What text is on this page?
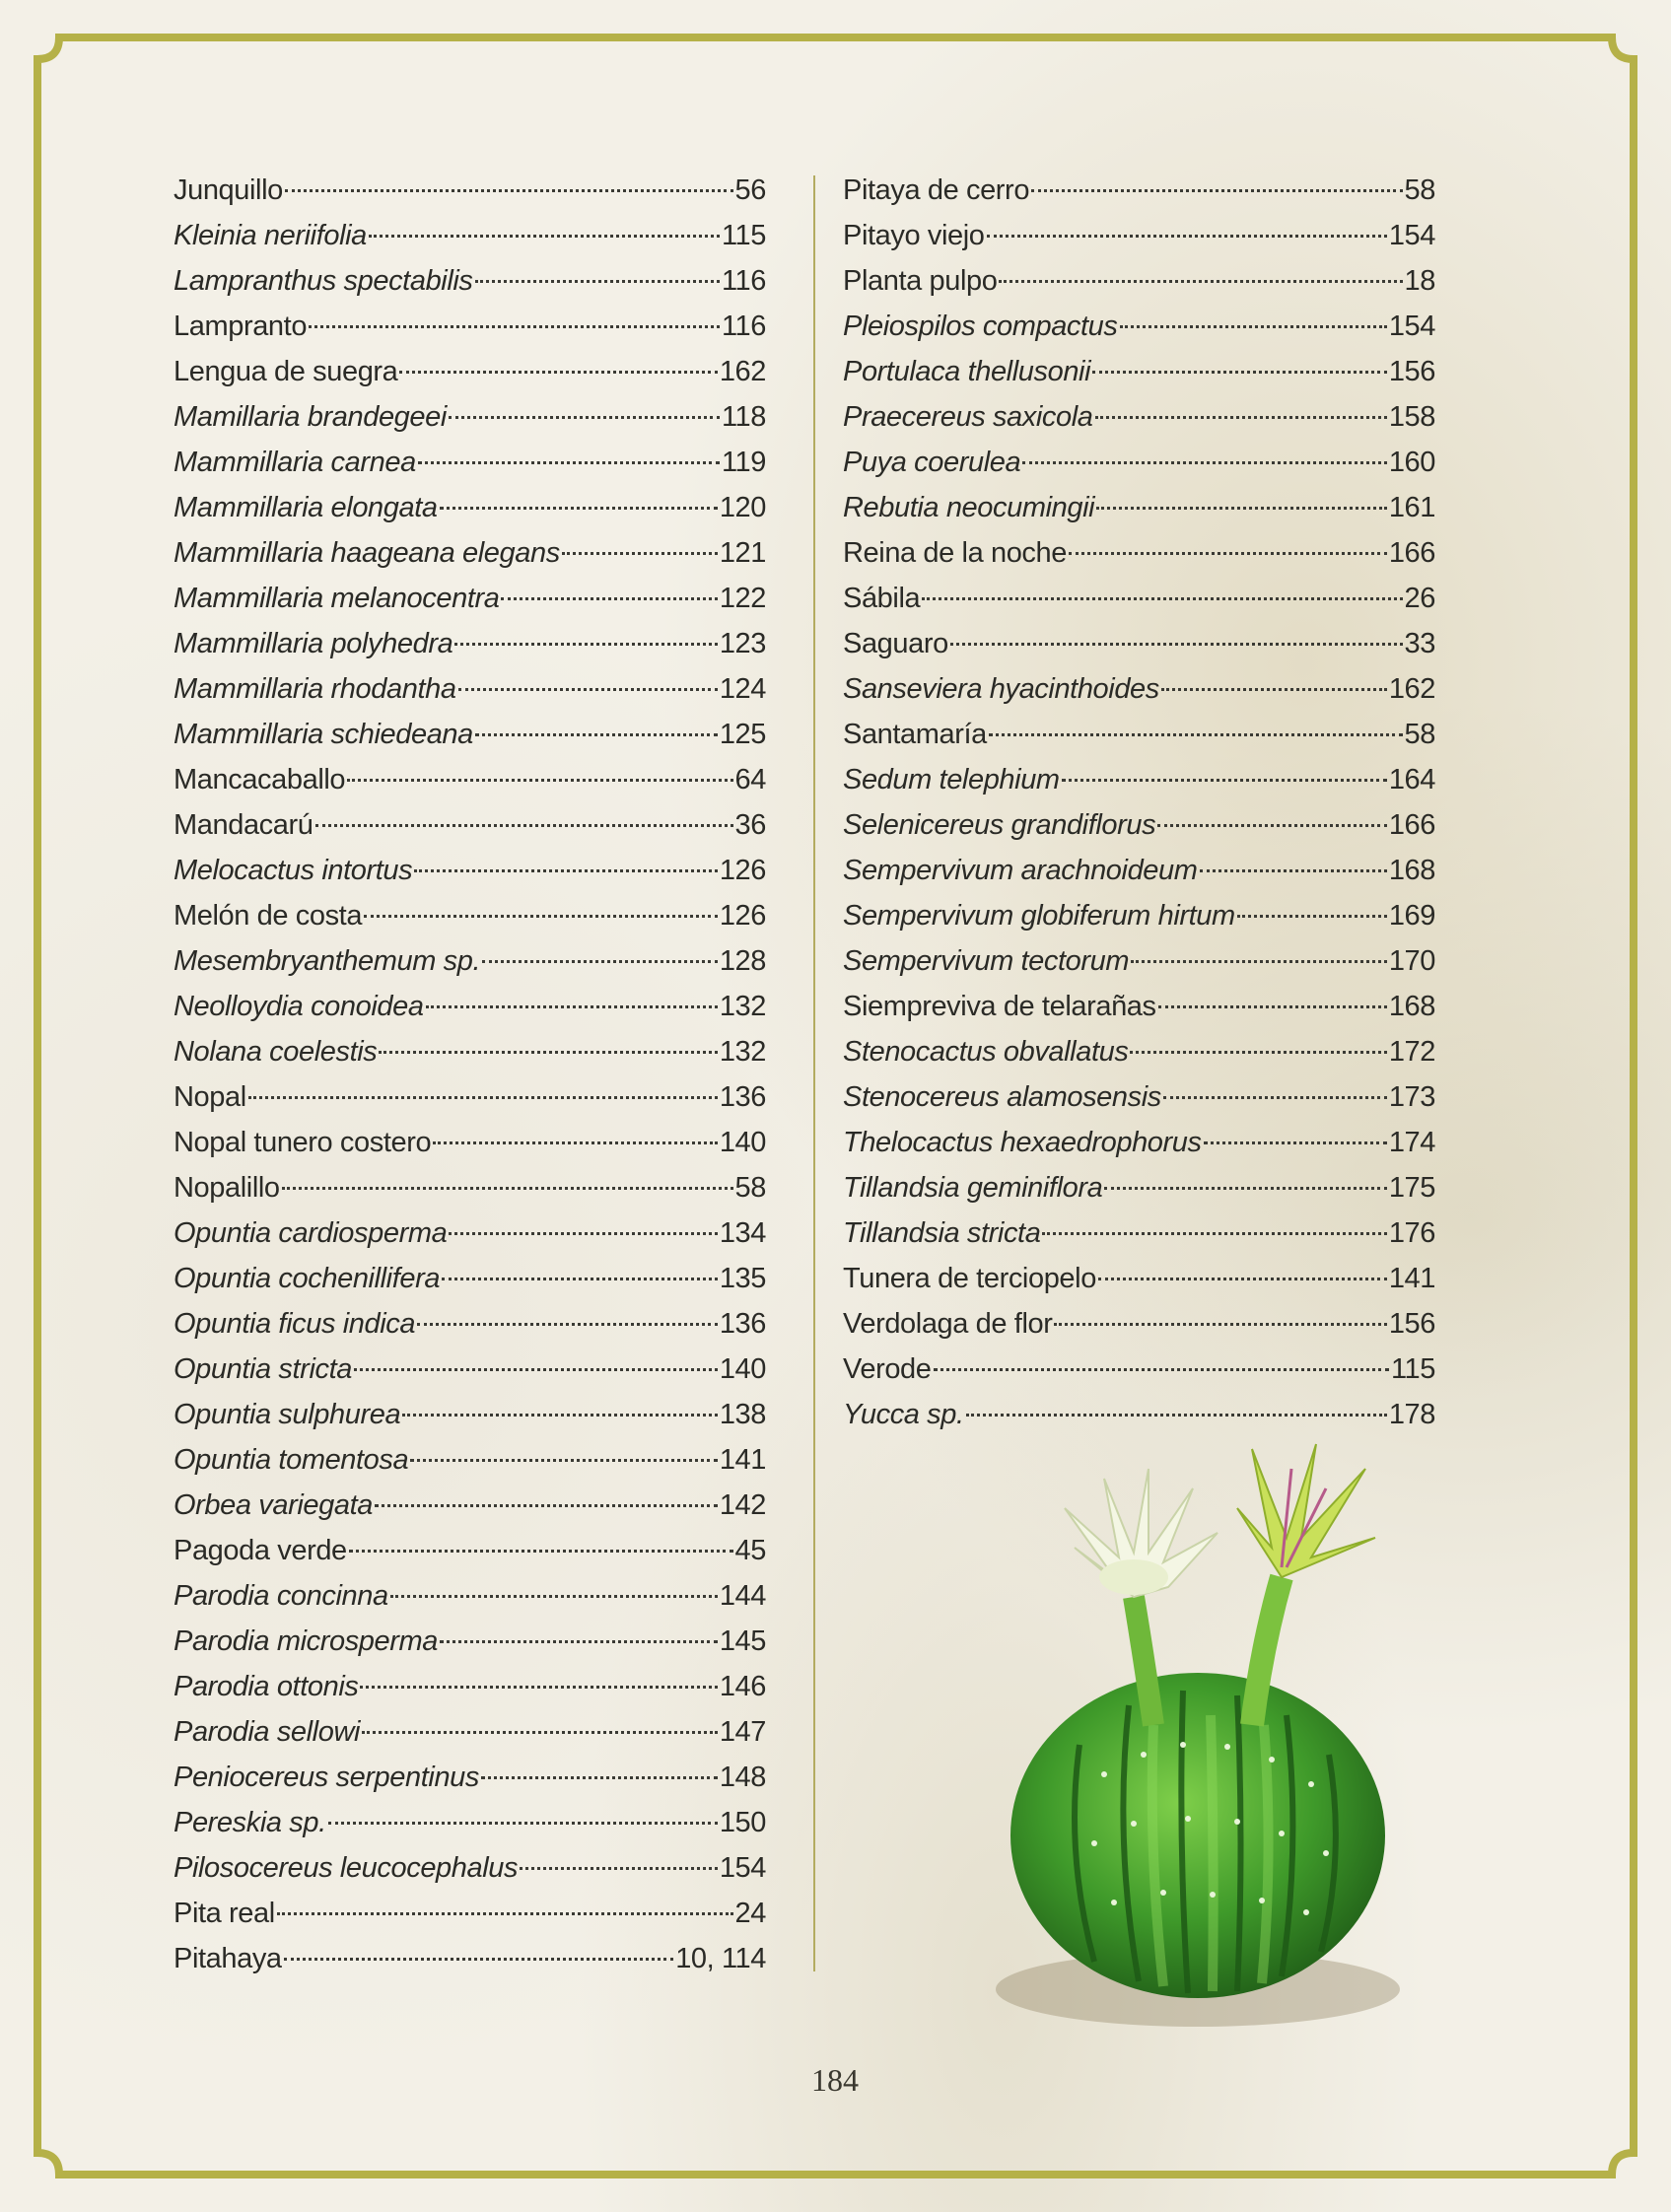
Junquillo	56
Kleinia neriifolia	115
Lampranthus spectabilis	116
Lampranto	116
Lengua de suegra	162
Mamillaria brandegeei	118
Mammillaria carnea	119
Mammillaria elongata	120
Mammillaria haageana elegans	121
Mammillaria melanocentra	122
Mammillaria polyhedra	123
Mammillaria rhodantha	124
Mammillaria schiedeana	125
Mancacaballo	64
Mandacarú	36
Melocactus intortus	126
Melón de costa	126
Mesembryanthemum sp.	128
Neolloydia conoidea	132
Nolana coelestis	132
Nopal	136
Nopal tunero costero	140
Nopalillo	58
Opuntia cardiosperma	134
Opuntia cochenillifera	135
Opuntia ficus indica	136
Opuntia stricta	140
Opuntia sulphurea	138
Opuntia tomentosa	141
Orbea variegata	142
Pagoda verde	45
Parodia concinna	144
Parodia microsperma	145
Parodia ottonis	146
Parodia sellowi	147
Peniocereus serpentinus	148
Pereskia sp.	150
Pilosocereus leucocephalus	154
Pita real	24
Pitahaya	10, 114
Pitaya de cerro	58
Pitayo viejo	154
Planta pulpo	18
Pleiospilos compactus	154
Portulaca thellusonii	156
Praecereus saxicola	158
Puya coerulea	160
Rebutia neocumingii	161
Reina de la noche	166
Sábila	26
Saguaro	33
Sanseviera hyacinthoides	162
Santamaría	58
Sedum telephium	164
Selenicereus grandiflorus	166
Sempervivum arachnoideum	168
Sempervivum globiferum hirtum	169
Sempervivum tectorum	170
Siempreviva de telarañas	168
Stenocactus obvallatus	172
Stenocereus alamosensis	173
Thelocactus hexaedrophorus	174
Tillandsia geminiflora	175
Tillandsia stricta	176
Tunera de terciopelo	141
Verdolaga de flor	156
Verode	115
Yucca sp.	178
184
